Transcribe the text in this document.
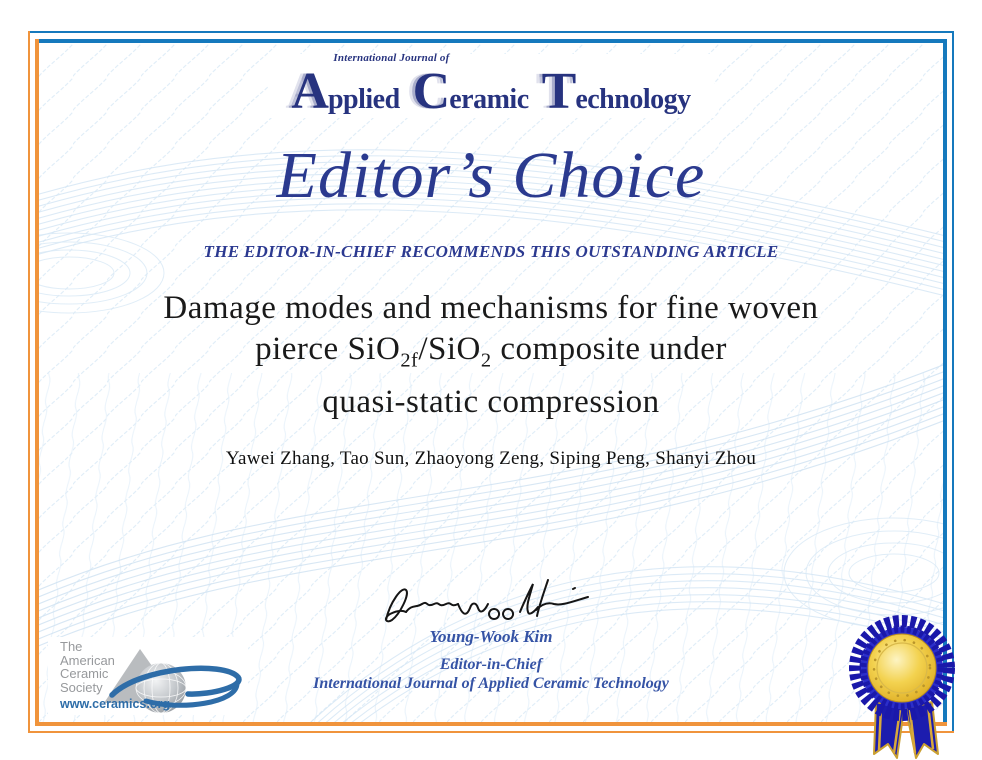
International Journal of
A pplied C eramic T echnology
Editor’s Choice
THE EDITOR-IN-CHIEF RECOMMENDS THIS OUTSTANDING ARTICLE
Damage modes and mechanisms for fine woven
pierce SiO$_{2f}$/SiO$_2$ composite under
quasi-static compression
Yawei Zhang, Tao Sun, Zhaoyong Zeng, Siping Peng, Shanyi Zhou
Young-Wook Kim
Editor-in-Chief
International Journal of Applied Ceramic Technology
The
American
Ceramic
Society
www.ceramics.org
